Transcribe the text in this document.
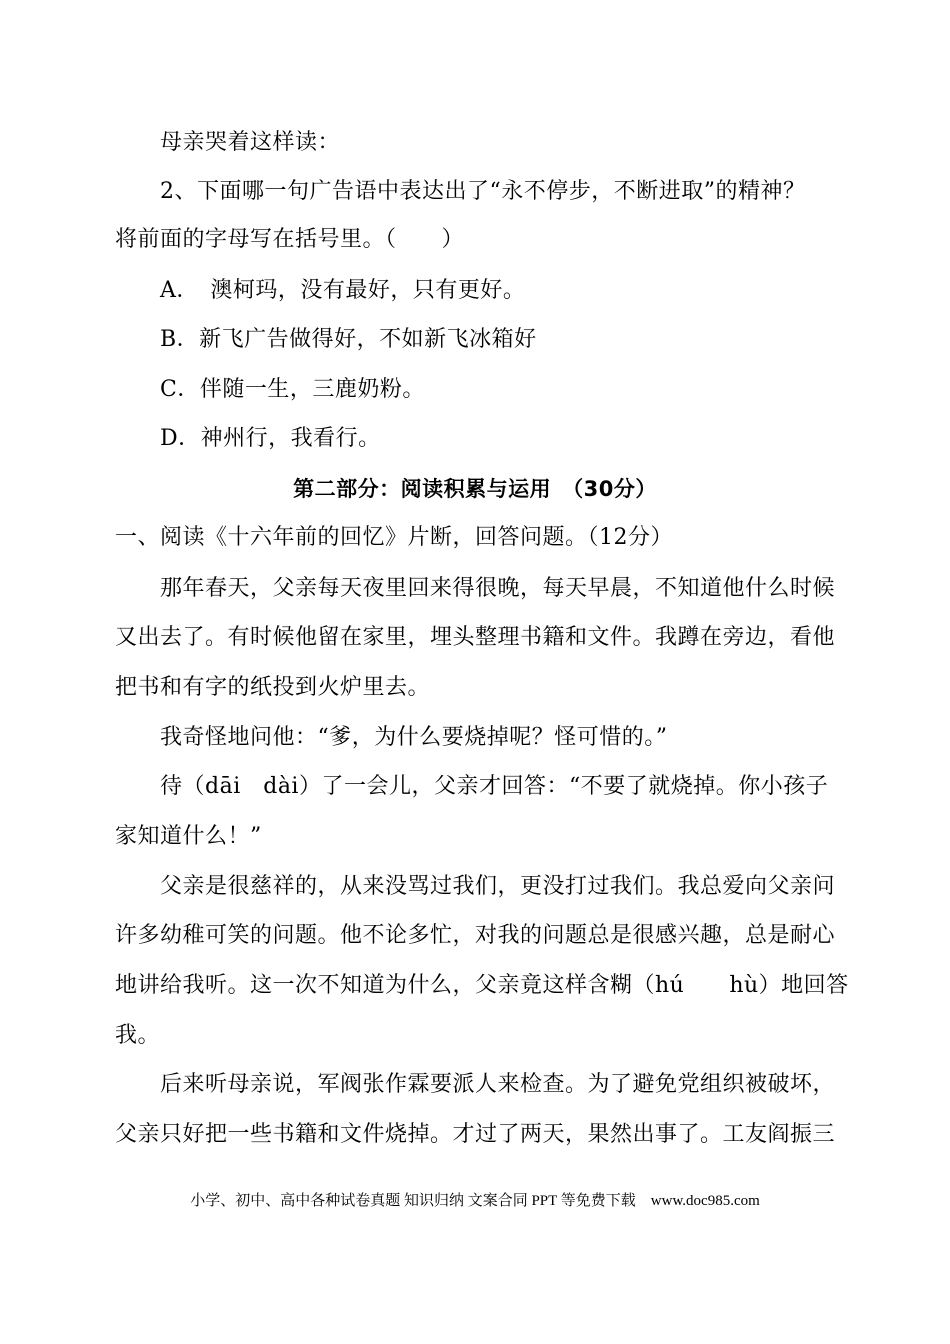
母亲哭着这样读：
2、下面哪一句广告语中表达出了“永不停步，不断进取”的精神？
将前面的字母写在括号里。（　　）
A．　澳柯玛，没有最好，只有更好。
B．新飞广告做得好，不如新飞冰箱好
C．伴随一生，三鹿奶粉。
D．神州行，我看行。
第二部分：阅读积累与运用　（30分）
一、阅读《十六年前的回忆》片断，回答问题。（12分）
那年春天，父亲每天夜里回来得很晚，每天早晨，不知道他什么时候
又出去了。有时候他留在家里，埋头整理书籍和文件。我蹲在旁边，看他
把书和有字的纸投到火炉里去。
我奇怪地问他：“爹，为什么要烧掉呢？怪可惜的。”
待（dāi　dài）了一会儿，父亲才回答：“不要了就烧掉。你小孩子
家知道什么！”
父亲是很慈祥的，从来没骂过我们，更没打过我们。我总爱向父亲问
许多幼稚可笑的问题。他不论多忙，对我的问题总是很感兴趣，总是耐心
地讲给我听。这一次不知道为什么，父亲竟这样含糊（hú　　hù）地回答
我。
后来听母亲说，军阀张作霖要派人来检查。为了避免党组织被破坏，
父亲只好把一些书籍和文件烧掉。才过了两天，果然出事了。工友阎振三
小学、初中、高中各种试卷真题 知识归纳 文案合同 PPT 等免费下载　www.doc985.com
